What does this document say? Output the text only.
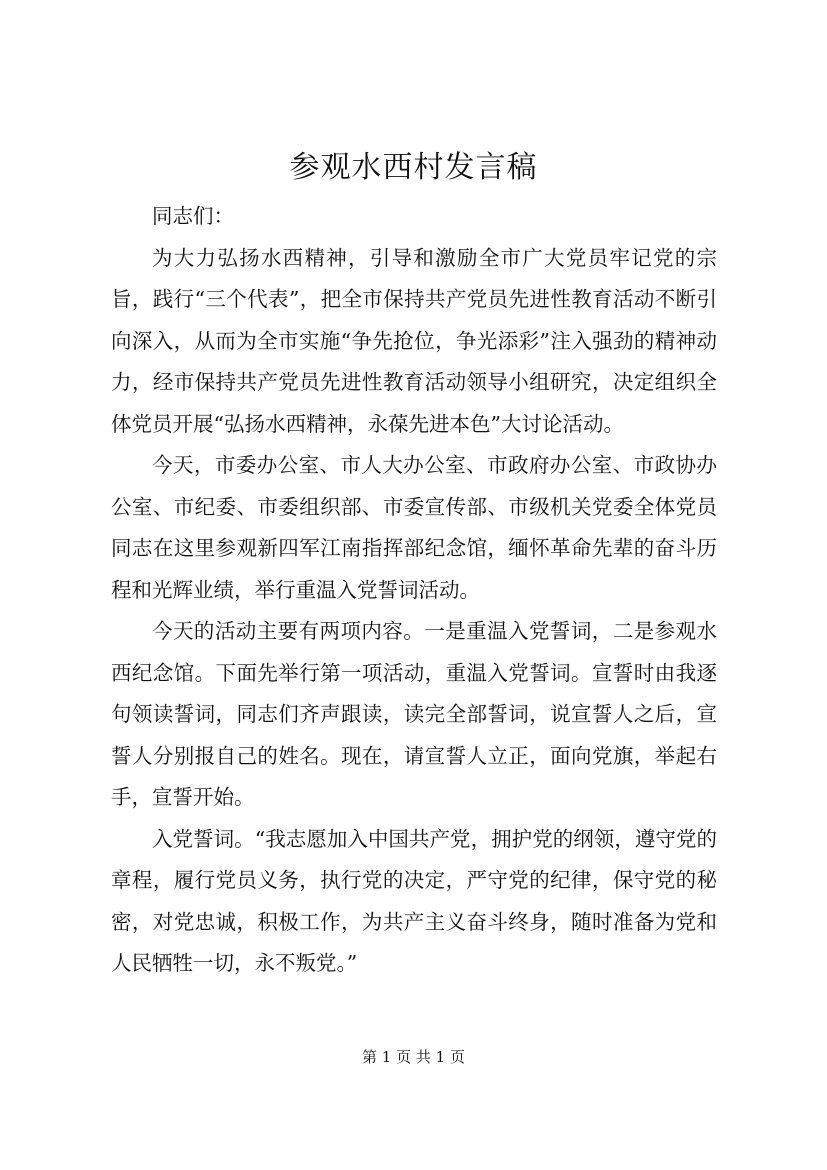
参观水西村发言稿

同志们：

为大力弘扬水西精神，引导和激励全市广大党员牢记党的宗旨，践行“三个代表”，把全市保持共产党员先进性教育活动不断引向深入，从而为全市实施“争先抢位，争光添彩”注入强劲的精神动力，经市保持共产党员先进性教育活动领导小组研究，决定组织全体党员开展“弘扬水西精神，永葆先进本色”大讨论活动。

今天，市委办公室、市人大办公室、市政府办公室、市政协办公室、市纪委、市委组织部、市委宣传部、市级机关党委全体党员同志在这里参观新四军江南指挥部纪念馆，缅怀革命先辈的奋斗历程和光辉业绩，举行重温入党誓词活动。

今天的活动主要有两项内容。一是重温入党誓词，二是参观水西纪念馆。下面先举行第一项活动，重温入党誓词。宣誓时由我逐句领读誓词，同志们齐声跟读，读完全部誓词，说宣誓人之后，宣誓人分别报自己的姓名。现在，请宣誓人立正，面向党旗，举起右手，宣誓开始。

入党誓词。“我志愿加入中国共产党，拥护党的纲领，遵守党的章程，履行党员义务，执行党的决定，严守党的纪律，保守党的秘密，对党忠诚，积极工作，为共产主义奋斗终身，随时准备为党和人民牺牲一切，永不叛党。”

第 1 页 共 1 页
